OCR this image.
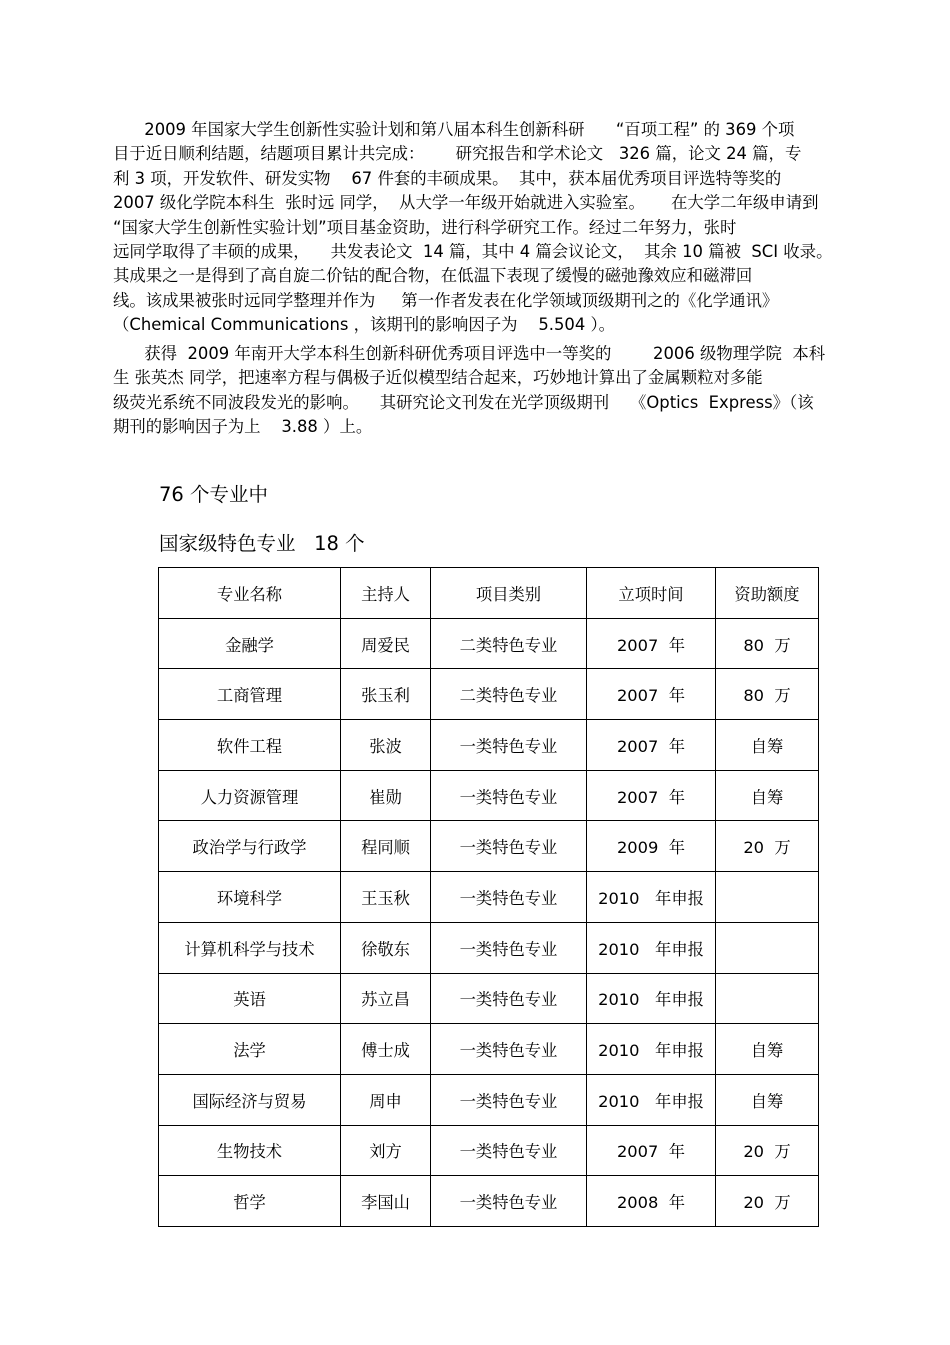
2009 年国家大学生创新性实验计划和第八届本科生创新科研      “百项工程” 的 369 个项
目于近日顺利结题，结题项目累计共完成：      研究报告和学术论文   326 篇，论文 24 篇，专
利 3 项，开发软件、研发实物    67 件套的丰硕成果。  其中，获本届优秀项目评选特等奖的
2007 级化学院本科生  张时远 同学，  从大学一年级开始就进入实验室。     在大学二年级申请到
“国家大学生创新性实验计划”项目基金资助，进行科学研究工作。经过二年努力，张时
远同学取得了丰硕的成果，    共发表论文  14 篇，其中 4 篇会议论文，  其余 10 篇被  SCI 收录。
其成果之一是得到了高自旋二价钴的配合物，在低温下表现了缓慢的磁弛豫效应和磁滞回
线。该成果被张时远同学整理并作为     第一作者发表在化学领域顶级期刊之的《化学通讯》
（Chemical Communications ，该期刊的影响因子为    5.504 ）。
获得  2009 年南开大学本科生创新科研优秀项目评选中一等奖的        2006 级物理学院  本科
生 张英杰 同学，把速率方程与偶极子近似模型结合起来，巧妙地计算出了金属颗粒对多能
级荧光系统不同波段发光的影响。    其研究论文刊发在光学顶级期刊    《Optics  Express》（该
期刊的影响因子为上    3.88 ）上。
76 个专业中
国家级特色专业   18 个
专业名称	主持人	项目类别	立项时间	资助额度
金融学	周爱民	二类特色专业	2007  年	80  万
工商管理	张玉利	二类特色专业	2007  年	80  万
软件工程	张波	一类特色专业	2007  年	自筹
人力资源管理	崔勋	一类特色专业	2007  年	自筹
政治学与行政学	程同顺	一类特色专业	2009  年	20  万
环境科学	王玉秋	一类特色专业	2010   年申报	
计算机科学与技术	徐敬东	一类特色专业	2010   年申报	
英语	苏立昌	一类特色专业	2010   年申报	
法学	傅士成	一类特色专业	2010   年申报	自筹
国际经济与贸易	周申	一类特色专业	2010   年申报	自筹
生物技术	刘方	一类特色专业	2007  年	20  万
哲学	李国山	一类特色专业	2008  年	20  万
